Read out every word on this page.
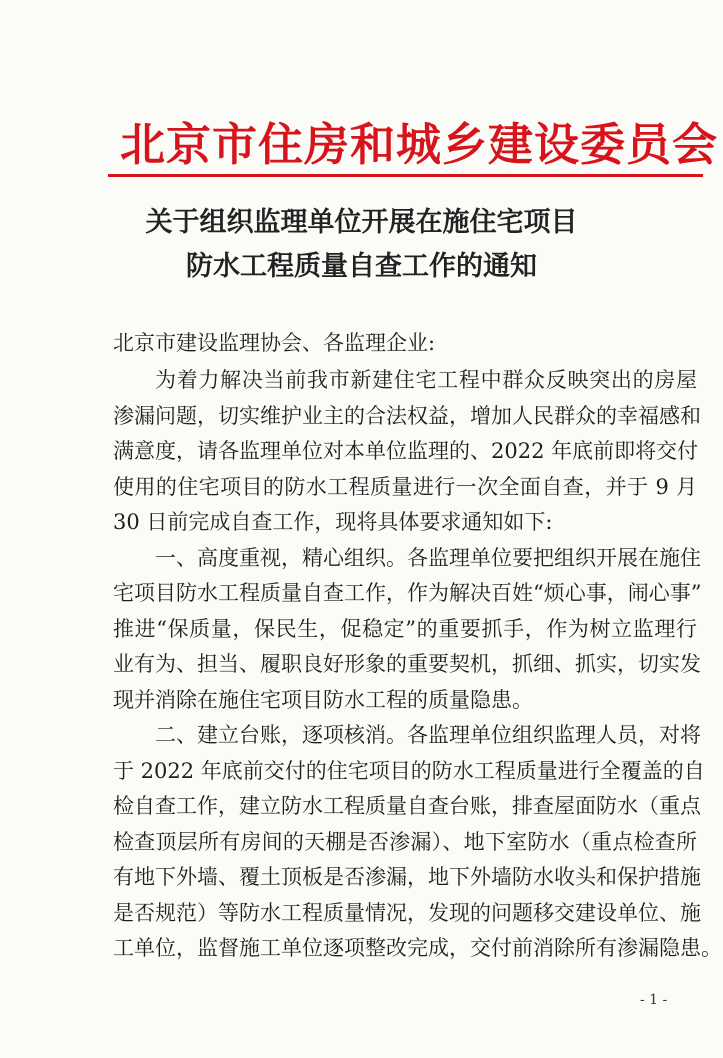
北京市住房和城乡建设委员会
关于组织监理单位开展在施住宅项目
防水工程质量自查工作的通知
北京市建设监理协会、各监理企业:
为着力解决当前我市新建住宅工程中群众反映突出的房屋
渗漏问题，切实维护业主的合法权益，增加人民群众的幸福感和
满意度，请各监理单位对本单位监理的、2022 年底前即将交付
使用的住宅项目的防水工程质量进行一次全面自查，并于 9 月
30 日前完成自查工作，现将具体要求通知如下:
一、高度重视，精心组织。各监理单位要把组织开展在施住
宅项目防水工程质量自查工作，作为解决百姓“烦心事，闹心事”
推进“保质量，保民生，促稳定”的重要抓手，作为树立监理行
业有为、担当、履职良好形象的重要契机，抓细、抓实，切实发
现并消除在施住宅项目防水工程的质量隐患。
二、建立台账，逐项核消。各监理单位组织监理人员，对将
于 2022 年底前交付的住宅项目的防水工程质量进行全覆盖的自
检自查工作，建立防水工程质量自查台账，排查屋面防水（重点
检查顶层所有房间的天棚是否渗漏）、地下室防水（重点检查所
有地下外墙、覆土顶板是否渗漏，地下外墙防水收头和保护措施
是否规范）等防水工程质量情况，发现的问题移交建设单位、施
工单位，监督施工单位逐项整改完成，交付前消除所有渗漏隐患。
- 1 -
